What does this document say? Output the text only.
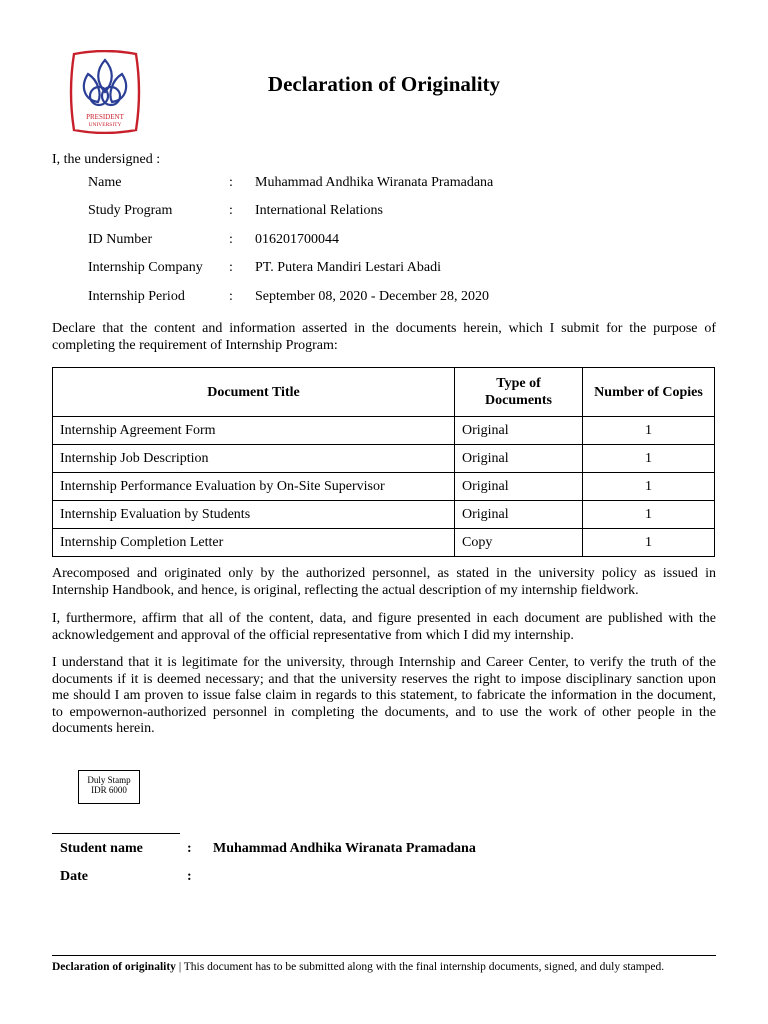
PRESIDENT
UNIVERSITY
Declaration of Originality
I, the undersigned :
Name	: Muhammad Andhika Wiranata Pramadana
Study Program	: International Relations
ID Number	: 016201700044
Internship Company	: PT. Putera Mandiri Lestari Abadi
Internship Period	: September 08, 2020 - December 28, 2020
Declare that the content and information asserted in the documents herein, which I submit for the purpose of completing the requirement of Internship Program:
Document Title	Type of Documents	Number of Copies
Internship Agreement Form	Original	1
Internship Job Description	Original	1
Internship Performance Evaluation by On-Site Supervisor	Original	1
Internship Evaluation by Students	Original	1
Internship Completion Letter	Copy	1
Arecomposed and originated only by the authorized personnel, as stated in the university policy as issued in Internship Handbook, and hence, is original, reflecting the actual description of my internship fieldwork.
I, furthermore, affirm that all of the content, data, and figure presented in each document are published with the acknowledgement and approval of the official representative from which I did my internship.
I understand that it is legitimate for the university, through Internship and Career Center, to verify the truth of the documents if it is deemed necessary; and that the university reserves the right to impose disciplinary sanction upon me should I am proven to issue false claim in regards to this statement, to fabricate the information in the document, to empowernon-authorized personnel in completing the documents, and to use the work of other people in the documents herein.
Duly Stamp
IDR 6000
Student name	: Muhammad Andhika Wiranata Pramadana
Date	:
Declaration of originality | This document has to be submitted along with the final internship documents, signed, and duly stamped.
